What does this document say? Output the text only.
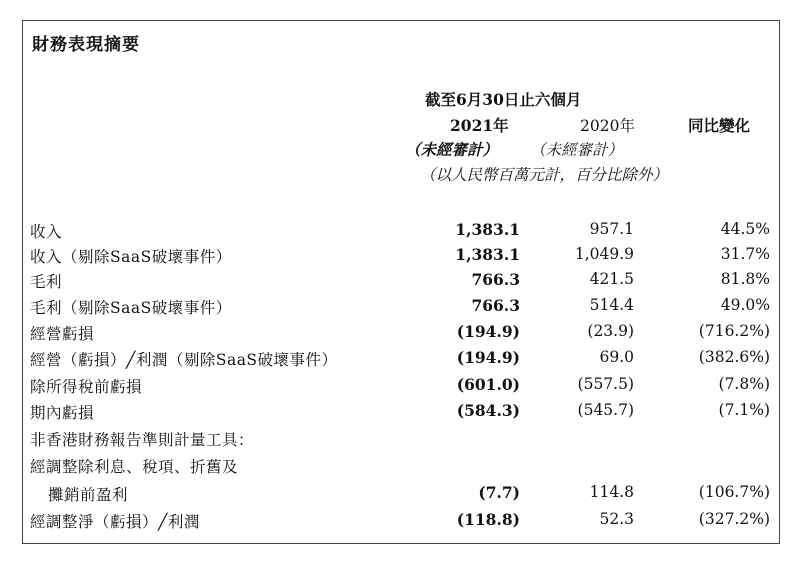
財務表現摘要
截至6月30日止六個月
2021年	2020年	同比變化
（未經審計） （未經審計）
（以人民幣百萬元計，百分比除外）
收入	1,383.1	957.1	44.5%
收入（剔除SaaS破壞事件）	1,383.1	1,049.9	31.7%
毛利	766.3	421.5	81.8%
毛利（剔除SaaS破壞事件）	766.3	514.4	49.0%
經營虧損	(194.9)	(23.9)	(716.2%)
經營（虧損）╱利潤（剔除SaaS破壞事件）	(194.9)	69.0	(382.6%)
除所得稅前虧損	(601.0)	(557.5)	(7.8%)
期內虧損	(584.3)	(545.7)	(7.1%)
非香港財務報告準則計量工具：
經調整除利息、稅項、折舊及
攤銷前盈利	(7.7)	114.8	(106.7%)
經調整淨（虧損）╱利潤	(118.8)	52.3	(327.2%)
